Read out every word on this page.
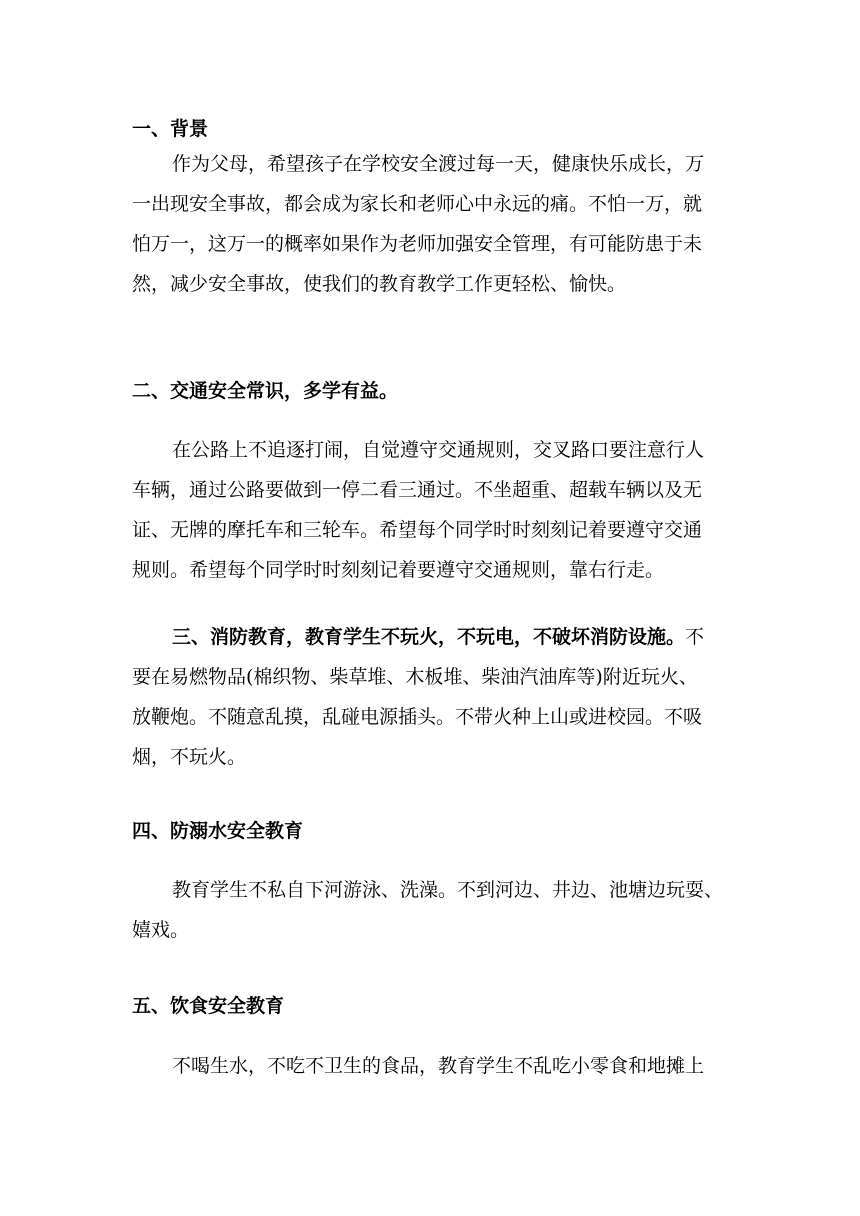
一、背景
作为父母，希望孩子在学校安全渡过每一天，健康快乐成长，万
一出现安全事故，都会成为家长和老师心中永远的痛。不怕一万，就
怕万一，这万一的概率如果作为老师加强安全管理，有可能防患于未
然，减少安全事故，使我们的教育教学工作更轻松、愉快。
二、交通安全常识，多学有益。
在公路上不追逐打闹，自觉遵守交通规则，交叉路口要注意行人
车辆，通过公路要做到一停二看三通过。不坐超重、超载车辆以及无
证、无牌的摩托车和三轮车。希望每个同学时时刻刻记着要遵守交通
规则。希望每个同学时时刻刻记着要遵守交通规则，靠右行走。
三、消防教育，教育学生不玩火，不玩电，不破坏消防设施。不
要在易燃物品(棉织物、柴草堆、木板堆、柴油汽油库等)附近玩火、
放鞭炮。不随意乱摸，乱碰电源插头。不带火种上山或进校园。不吸
烟，不玩火。
四、防溺水安全教育
教育学生不私自下河游泳、洗澡。不到河边、井边、池塘边玩耍、
嬉戏。
五、饮食安全教育
不喝生水，不吃不卫生的食品，教育学生不乱吃小零食和地摊上
